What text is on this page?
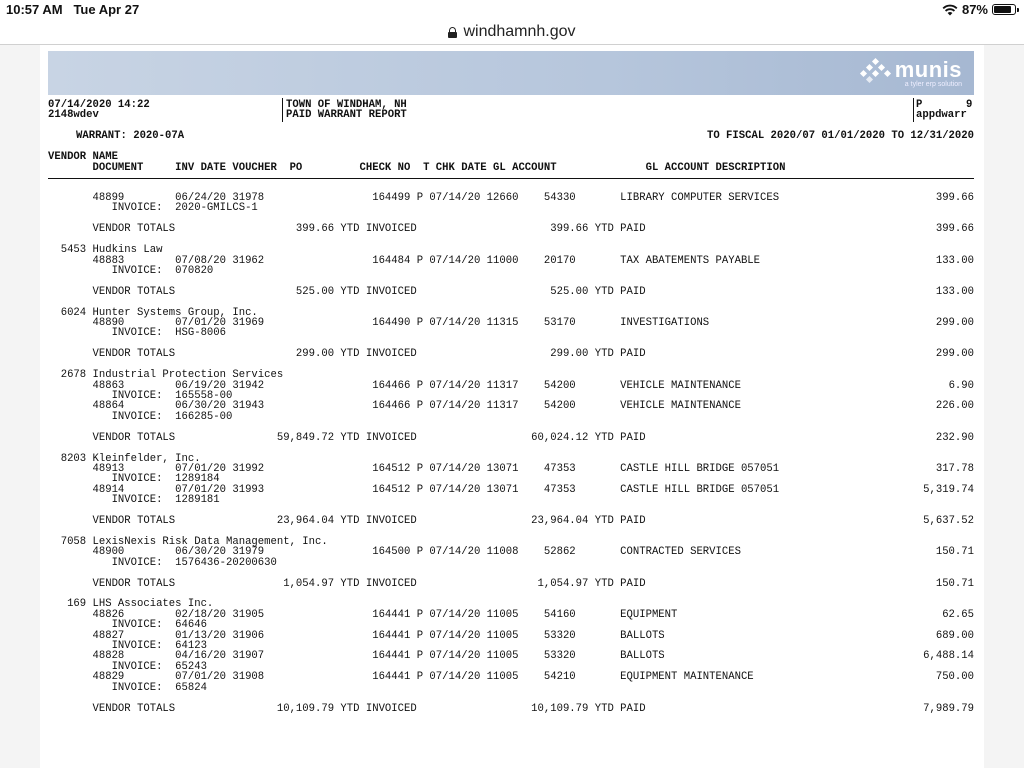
10:57 AM Tue Apr 27	87%
windhamnh.gov
munis
a tyler erp solution
07/14/2020 14:22
2148wdev
TOWN OF WINDHAM, NH
PAID WARRANT REPORT
P	9
appdwarr
WARRANT: 2020-07A	TO FISCAL 2020/07 01/01/2020 TO 12/31/2020
VENDOR NAME
DOCUMENT     INV DATE VOUCHER  PO         CHECK NO  T CHK DATE GL ACCOUNT              GL ACCOUNT DESCRIPTION
48899        06/24/20 31978                 164499 P 07/14/20 12660    54330       LIBRARY COMPUTER SERVICES	399.66
INVOICE:  2020-GMILCS-1
VENDOR TOTALS                   399.66 YTD INVOICED                     399.66 YTD PAID	399.66
5453 Hudkins Law
48883        07/08/20 31962                 164484 P 07/14/20 11000    20170       TAX ABATEMENTS PAYABLE	133.00
INVOICE:  070820
VENDOR TOTALS                   525.00 YTD INVOICED                     525.00 YTD PAID	133.00
6024 Hunter Systems Group, Inc.
48890        07/01/20 31969                 164490 P 07/14/20 11315    53170       INVESTIGATIONS	299.00
INVOICE:  HSG-8006
VENDOR TOTALS                   299.00 YTD INVOICED                     299.00 YTD PAID	299.00
2678 Industrial Protection Services
48863        06/19/20 31942                 164466 P 07/14/20 11317    54200       VEHICLE MAINTENANCE	6.90
INVOICE:  165558-00
48864        06/30/20 31943                 164466 P 07/14/20 11317    54200       VEHICLE MAINTENANCE	226.00
INVOICE:  166285-00
VENDOR TOTALS                59,849.72 YTD INVOICED                  60,024.12 YTD PAID	232.90
8203 Kleinfelder, Inc.
48913        07/01/20 31992                 164512 P 07/14/20 13071    47353       CASTLE HILL BRIDGE 057051	317.78
INVOICE:  1289184
48914        07/01/20 31993                 164512 P 07/14/20 13071    47353       CASTLE HILL BRIDGE 057051	5,319.74
INVOICE:  1289181
VENDOR TOTALS                23,964.04 YTD INVOICED                  23,964.04 YTD PAID	5,637.52
7058 LexisNexis Risk Data Management, Inc.
48900        06/30/20 31979                 164500 P 07/14/20 11008    52862       CONTRACTED SERVICES	150.71
INVOICE:  1576436-20200630
VENDOR TOTALS                 1,054.97 YTD INVOICED                   1,054.97 YTD PAID	150.71
169 LHS Associates Inc.
48826        02/18/20 31905                 164441 P 07/14/20 11005    54160       EQUIPMENT	62.65
INVOICE:  64646
48827        01/13/20 31906                 164441 P 07/14/20 11005    53320       BALLOTS	689.00
INVOICE:  64123
48828        04/16/20 31907                 164441 P 07/14/20 11005    53320       BALLOTS	6,488.14
INVOICE:  65243
48829        07/01/20 31908                 164441 P 07/14/20 11005    54210       EQUIPMENT MAINTENANCE	750.00
INVOICE:  65824
VENDOR TOTALS                10,109.79 YTD INVOICED                  10,109.79 YTD PAID	7,989.79
